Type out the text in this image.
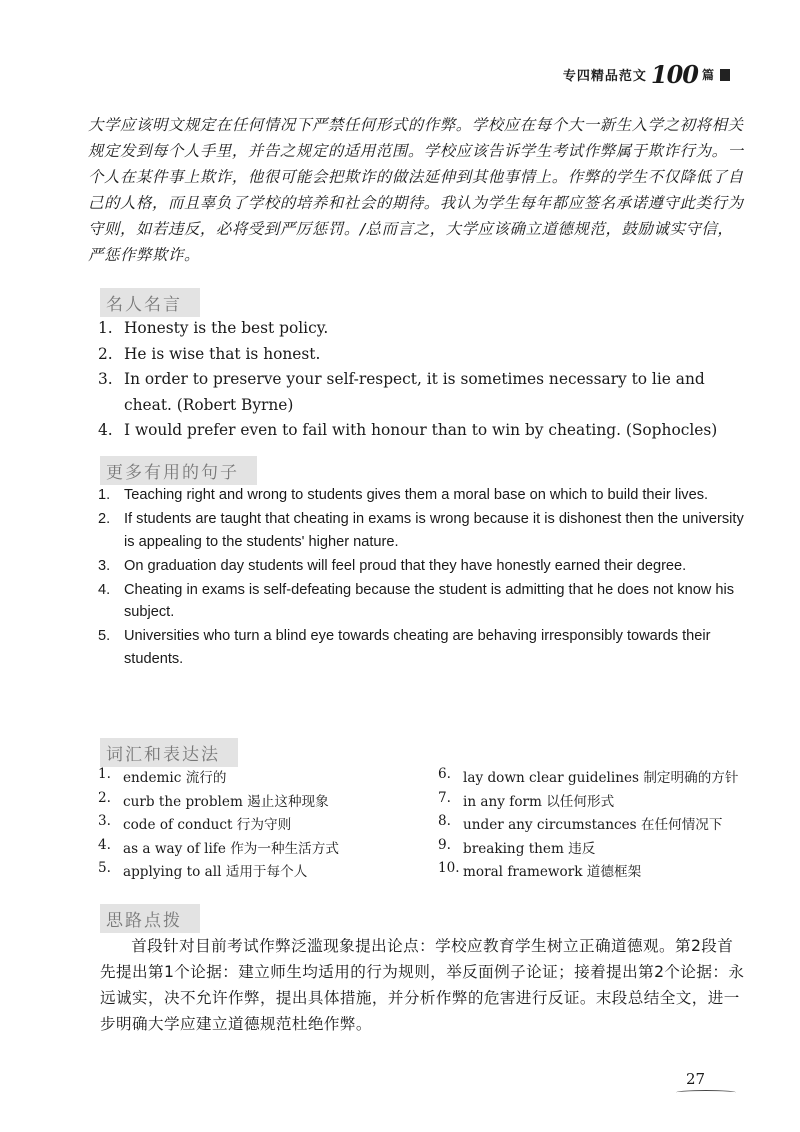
专四精品范文 100 篇

大学应该明文规定在任何情况下严禁任何形式的作弊。学校应在每个大一新生入学之初将相关规定发到每个人手里，并告之规定的适用范围。学校应该告诉学生考试作弊属于欺诈行为。一个人在某件事上欺诈，他很可能会把欺诈的做法延伸到其他事情上。作弊的学生不仅降低了自己的人格，而且辜负了学校的培养和社会的期待。我认为学生每年都应签名承诺遵守此类行为守则，如若违反，必将受到严厉惩罚。/总而言之，大学应该确立道德规范，鼓励诚实守信，严惩作弊欺诈。

名人名言
1. Honesty is the best policy.
2. He is wise that is honest.
3. In order to preserve your self-respect, it is sometimes necessary to lie and cheat. (Robert Byrne)
4. I would prefer even to fail with honour than to win by cheating. (Sophocles)
更多有用的句子
1. Teaching right and wrong to students gives them a moral base on which to build their lives.
2. If students are taught that cheating in exams is wrong because it is dishonest then the university is appealing to the students' higher nature.
3. On graduation day students will feel proud that they have honestly earned their degree.
4. Cheating in exams is self-defeating because the student is admitting that he does not know his subject.
5. Universities who turn a blind eye towards cheating are behaving irresponsibly towards their students.
词汇和表达法
1. endemic 流行的
2. curb the problem 遏止这种现象
3. code of conduct 行为守则
4. as a way of life 作为一种生活方式
5. applying to all 适用于每个人
6. lay down clear guidelines 制定明确的方针
7. in any form 以任何形式
8. under any circumstances 在任何情况下
9. breaking them 违反
10. moral framework 道德框架
思路点拨

首段针对目前考试作弊泛滥现象提出论点：学校应教育学生树立正确道德观。第2段首先提出第1个论据：建立师生均适用的行为规则，举反面例子论证；接着提出第2个论据：永远诚实，决不允许作弊，提出具体措施，并分析作弊的危害进行反证。末段总结全文，进一步明确大学应建立道德规范杜绝作弊。

27
